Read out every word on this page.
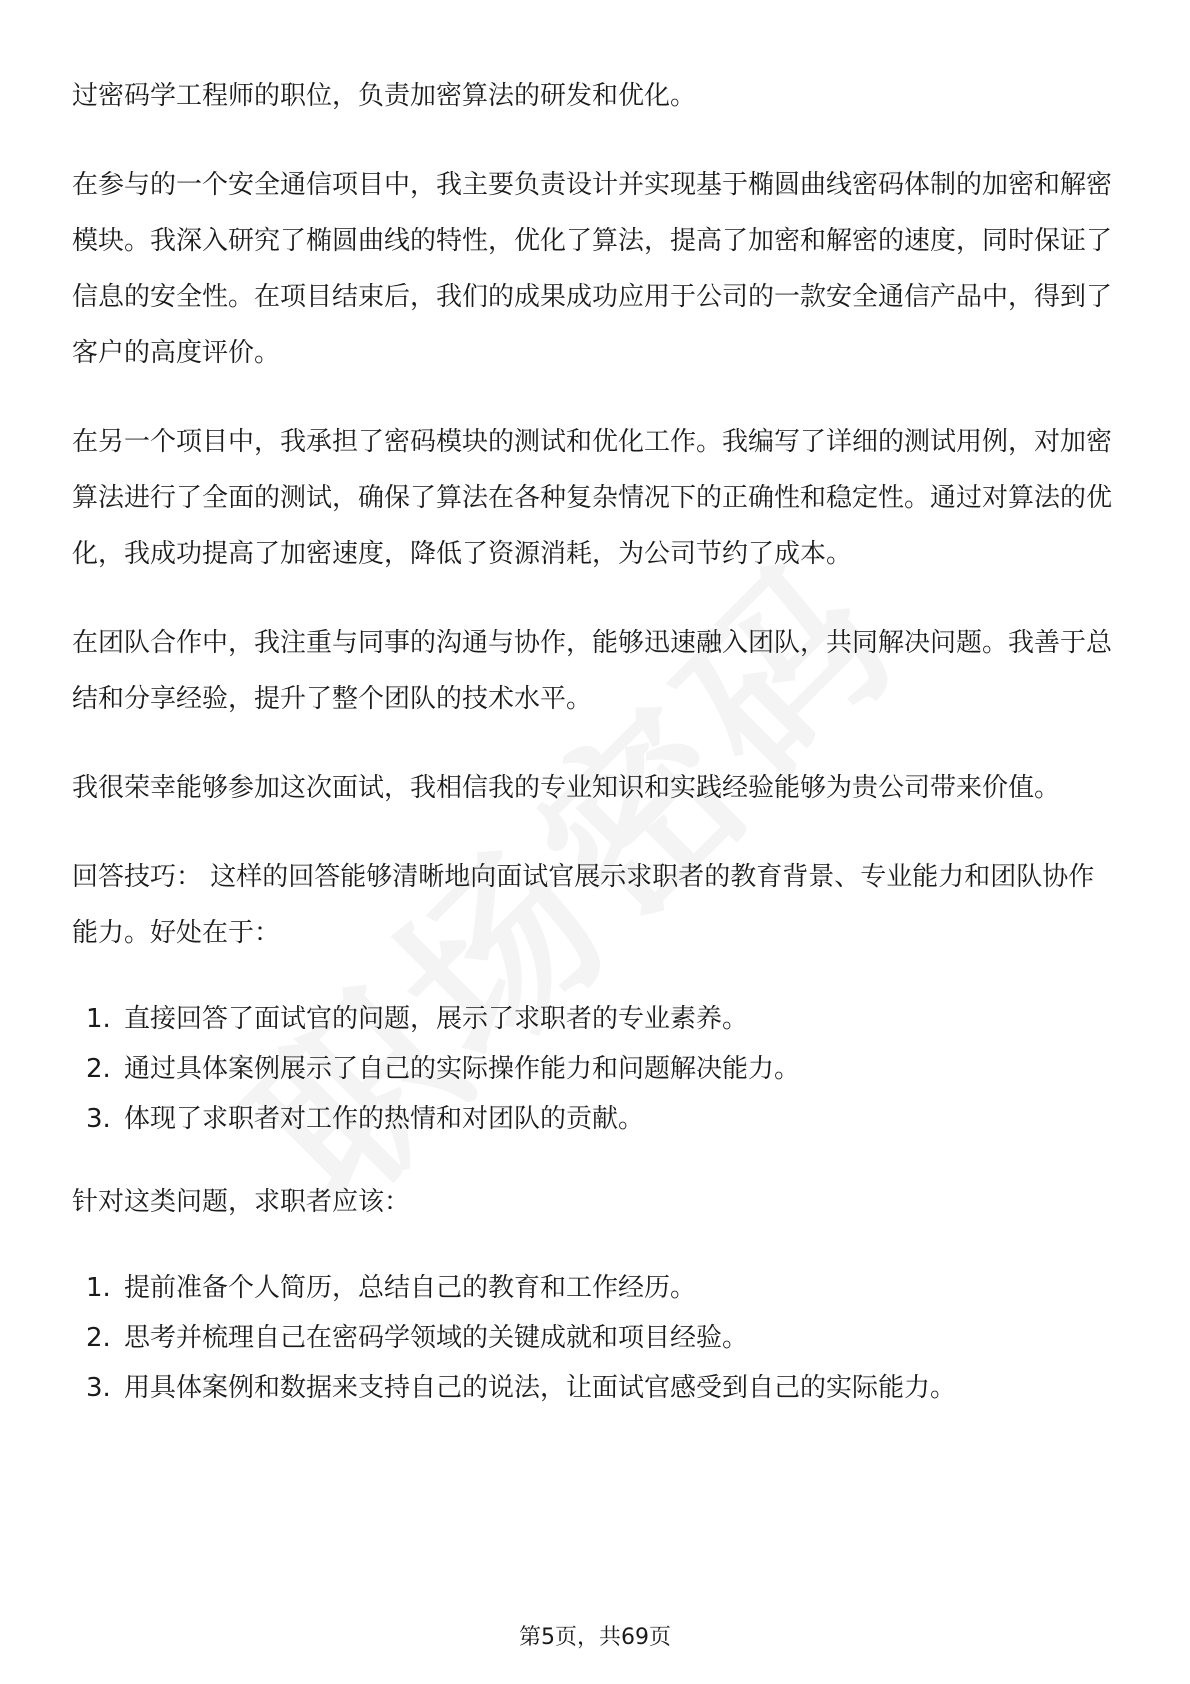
过密码学工程师的职位，负责加密算法的研发和优化。

在参与的一个安全通信项目中，我主要负责设计并实现基于椭圆曲线密码体制的加密和解密模块。我深入研究了椭圆曲线的特性，优化了算法，提高了加密和解密的速度，同时保证了信息的安全性。在项目结束后，我们的成果成功应用于公司的一款安全通信产品中，得到了客户的高度评价。

在另一个项目中，我承担了密码模块的测试和优化工作。我编写了详细的测试用例，对加密算法进行了全面的测试，确保了算法在各种复杂情况下的正确性和稳定性。通过对算法的优化，我成功提高了加密速度，降低了资源消耗，为公司节约了成本。

在团队合作中，我注重与同事的沟通与协作，能够迅速融入团队，共同解决问题。我善于总结和分享经验，提升了整个团队的技术水平。

我很荣幸能够参加这次面试，我相信我的专业知识和实践经验能够为贵公司带来价值。

回答技巧： 这样的回答能够清晰地向面试官展示求职者的教育背景、专业能力和团队协作能力。好处在于：

1. 直接回答了面试官的问题，展示了求职者的专业素养。
2. 通过具体案例展示了自己的实际操作能力和问题解决能力。
3. 体现了求职者对工作的热情和对团队的贡献。

针对这类问题，求职者应该：

1. 提前准备个人简历，总结自己的教育和工作经历。
2. 思考并梳理自己在密码学领域的关键成就和项目经验。
3. 用具体案例和数据来支持自己的说法，让面试官感受到自己的实际能力。
第5页，共69页
